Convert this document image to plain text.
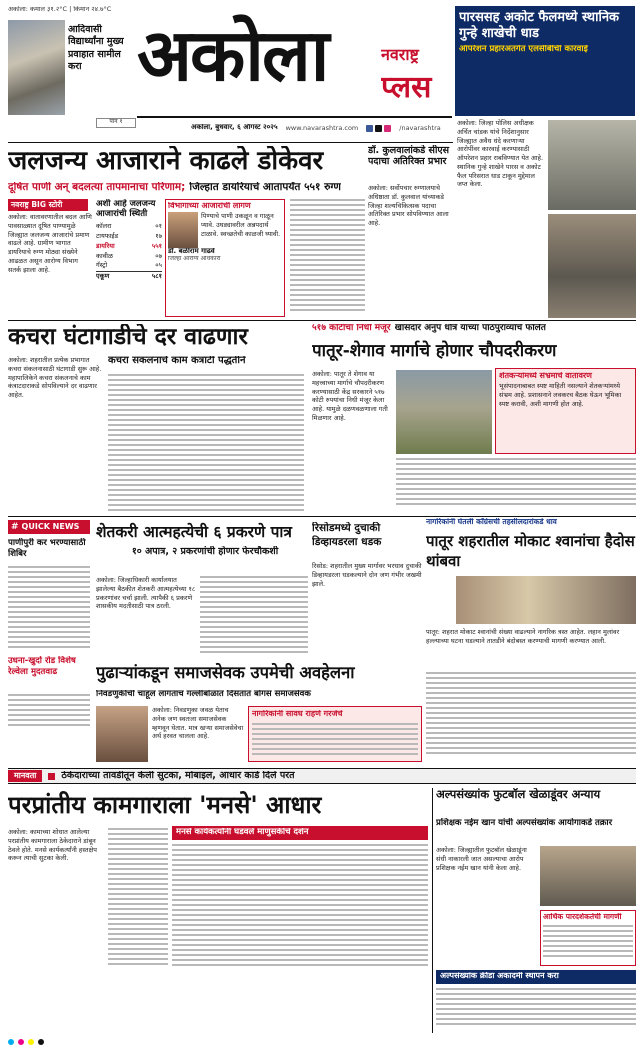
अकोला: कमाल ३१.२°C | किमान २४.७°C
आदिवासी विद्यार्थ्यांना मुख्य प्रवाहात सामील करा
पान १
अकोला	नवराष्ट्र
प्लस
अकोला, बुधवार, ६ ऑगस्ट २०२५ www.navarashtra.com	/navarashtra
पारससह अकोट फैलमध्ये स्थानिक गुन्हे शाखेची धाड
ऑपरेशन प्रहारअंतर्गत एलसीबीची कारवाई
अकोला: जिल्हा पोलिस अधीक्षक अर्चित चांडक यांचे निर्देशानुसार जिल्ह्यात अवैध धंदे करणाऱ्या आरोपींवर कारवाई करण्यासाठी ऑपरेशन प्रहार राबविण्यात येत आहे. स्थानिक गुन्हे शाखेने पारस व अकोट फैल परिसरात धाड टाकून मुद्देमाल जप्त केला.
जलजन्य आजाराने काढले डोकेवर
दूषित पाणी अन् बदलत्या तापमानाचा परिणाम; जिल्हात डायरियाचे आतापर्यंत ५५१ रुग्ण
नवराष्ट्र BIG स्टोरी
अकोला: वातावरणातील बदल आणि पावसाळ्यात दूषित पाण्यामुळे जिल्ह्यात जलजन्य आजारांचे प्रमाण वाढले आहे. ग्रामीण भागात डायरियाचे रुग्ण मोठ्या संख्येने आढळत असून आरोग्य विभाग सतर्क झाला आहे.
अशी आहे जलजन्य आजारांची स्थिती
कॉलरा	०१
टायफाईड	१७
डायरिया	५५१
कावीळ	०७
गॅस्ट्रो	०५
एकूण	५८१
विभागाच्या आजारांची लागण
पिण्याचे पाणी उकळून व गाळून प्यावे. उघड्यावरील अन्नपदार्थ टाळावे. स्वच्छतेची काळजी घ्यावी.
डॉ. बळीराम गाढवे
जिल्हा आरोग्य अधिकारी
डॉ. कुलवालांकडे सीएस पदाचा अतिरिक्त प्रभार
अकोला: सर्वोपचार रुग्णालयाचे अधिष्ठाता डॉ. कुलवाल यांच्याकडे जिल्हा शल्यचिकित्सक पदाचा अतिरिक्त प्रभार सोपविण्यात आला आहे.
कचरा घंटागाडीचे दर वाढणार
कचरा संकलनाचे काम कंत्राटी पद्धतीने
अकोला: शहरातील प्रत्येक प्रभागात कचरा संकलनासाठी घंटागाडी सुरू आहे. महापालिकेने कचरा संकलनाचे काम कंत्राटदाराकडे सोपविल्याने दर वाढणार आहेत.
५१७ कोटींचा निधी मंजूर खासदार अनुप धोत्रे यांच्या पाठपुराव्याचे फलित
पातूर-शेगाव मार्गाचे होणार चौपदरीकरण
अकोला: पातूर ते शेगाव या महत्त्वाच्या मार्गाचे चौपदरीकरण करण्यासाठी केंद्र सरकारने ५१७ कोटी रुपयांचा निधी मंजूर केला आहे. यामुळे दळणवळणाला गती मिळणार आहे.
शेतकऱ्यांमध्ये संभ्रमाचे वातावरण
भूसंपादनाबाबत स्पष्ट माहिती नसल्याने शेतकऱ्यांमध्ये संभ्रम आहे. प्रशासनाने लवकरच बैठक घेऊन भूमिका स्पष्ट करावी, अशी मागणी होत आहे.
# QUICK NEWS
पाणीपुरी कर भरण्यासाठी शिबिर
उधना-खुर्दा रोड विशेष रेल्वेला मुदतवाढ
शेतकरी आत्महत्येची ६ प्रकरणे पात्र
१० अपात्र, २ प्रकरणांची होणार फेरचौकशी
अकोला: जिल्हाधिकारी कार्यालयात झालेल्या बैठकीत शेतकरी आत्महत्येच्या १८ प्रकरणांवर चर्चा झाली. त्यापैकी ६ प्रकरणे शासकीय मदतीसाठी पात्र ठरली.
रिसोडमध्ये दुचाकी डिव्हायडरला धडक
रिसोड: शहरातील मुख्य मार्गावर भरधाव दुचाकी डिव्हायडरला धडकल्याने दोन जण गंभीर जखमी झाले.
नागरिकांनी घेतली काँग्रेसची तहसीलदारांकडे धाव
पातूर शहरातील मोकाट श्वानांचा हैदोस थांबवा
पातूर: शहरात मोकाट श्वानांची संख्या वाढल्याने नागरिक त्रस्त आहेत. लहान मुलांवर हल्ल्याच्या घटना घडल्याने तातडीने बंदोबस्त करण्याची मागणी करण्यात आली.
पुढाऱ्यांकडून समाजसेवक उपमेची अवहेलना
निवडणुकीची चाहूल लागताच गल्लीबोळात दिसतात बोगस समाजसेवक
अकोला: निवडणुका जवळ येताच अनेक जण स्वतःला समाजसेवक म्हणवून घेतात. मात्र खऱ्या समाजसेवेचा अर्थ हरवत चालला आहे.
नागरिकांनी सावध राहणे गरजेचे
मानवता	ठेकेदाराच्या तावडीतून केली सुटका, मोबाइल, आधार कार्ड दिले परत
परप्रांतीय कामगाराला 'मनसे' आधार
अकोला: कामाच्या शोधात आलेल्या परप्रांतीय कामगाराला ठेकेदाराने डांबून ठेवले होते. मनसे कार्यकर्त्यांनी हस्तक्षेप करून त्याची सुटका केली.
मनसे कार्यकर्त्यांनी घडवले माणुसकीचे दर्शन
अल्पसंख्यांक फुटबॉल खेळाडूंवर अन्याय
प्रशिक्षक नईम खान यांची अल्पसंख्यांक आयोगाकडे तक्रार
अकोला: जिल्ह्यातील फुटबॉल खेळाडूंना संधी नाकारली जात असल्याचा आरोप प्रशिक्षक नईम खान यांनी केला आहे.
आर्थिक पारदर्शकतेची मागणी
अल्पसंख्यांक क्रीडा अकादमी स्थापन करा
